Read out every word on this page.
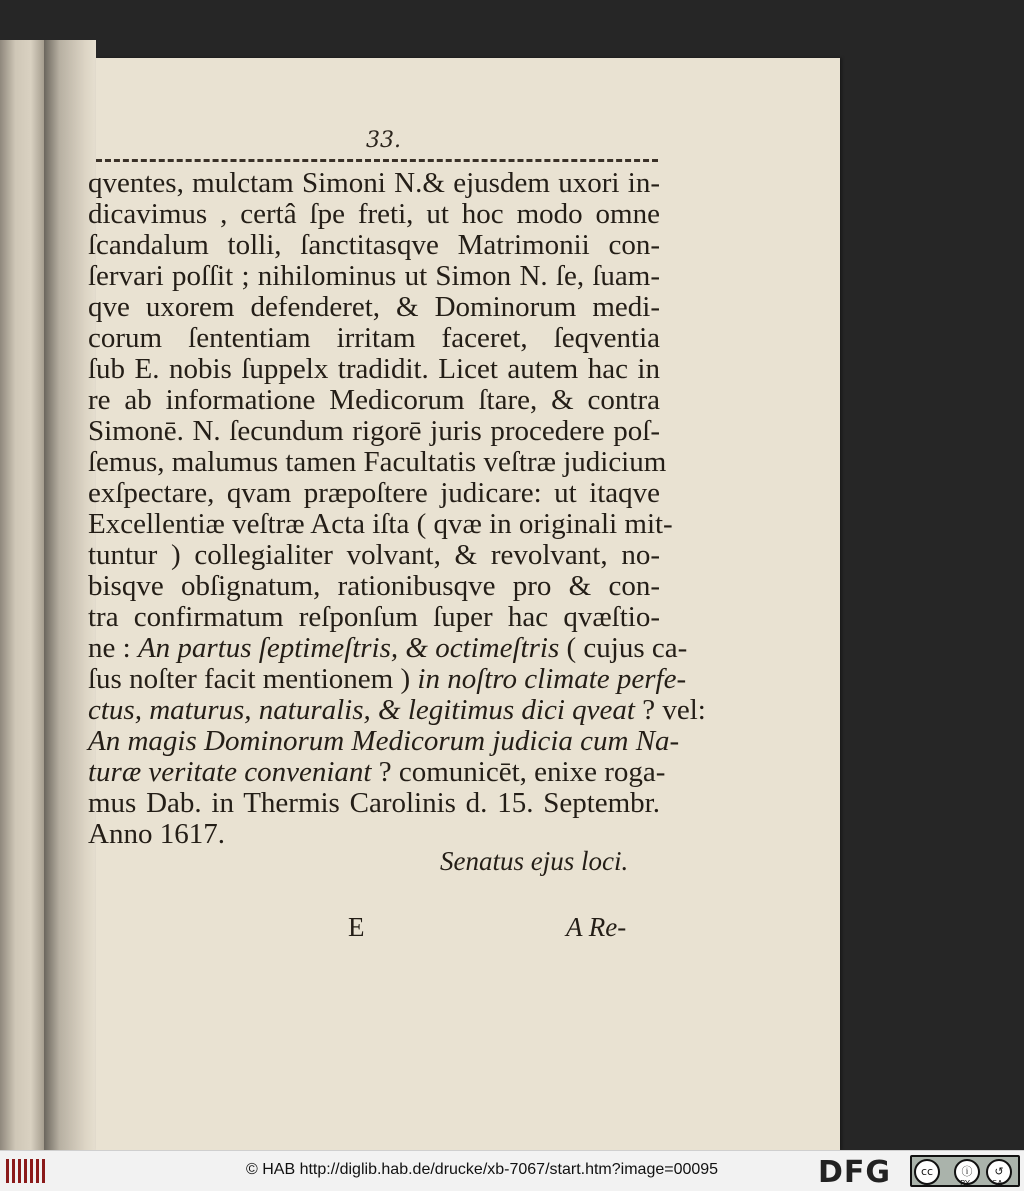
33.
qventes, mulctam Simoni N.& ejusdem uxori in-
dicavimus , certâ ſpe freti, ut hoc modo omne
ſcandalum tolli, ſanctitasqve Matrimonii con-
ſervari poſſit ; nihilominus ut Simon N. ſe, ſuam-
qve uxorem defenderet, & Dominorum medi-
corum ſententiam irritam faceret, ſeqventia
ſub E. nobis ſuppelx tradidit. Licet autem hac in
re ab informatione Medicorum ſtare, & contra
Simonē. N. ſecundum rigorē juris procedere poſ-
ſemus, malumus tamen Facultatis veſtræ judicium
exſpectare, qvam præpoſtere judicare: ut itaqve
Excellentiæ veſtræ Acta iſta ( qvæ in originali mit-
tuntur ) collegialiter volvant, & revolvant, no-
bisqve obſignatum, rationibusqve pro & con-
tra confirmatum reſponſum ſuper hac qvæſtio-
ne : An partus ſeptimeſtris, & octimeſtris ( cujus ca-
ſus noſter facit mentionem ) in noſtro climate perfe-
ctus, maturus, naturalis, & legitimus dici qveat ? vel:
An magis Dominorum Medicorum judicia cum Na-
turæ veritate conveniant ? comunicēt, enixe roga-
mus Dab. in Thermis Carolinis d. 15. Septembr.
Anno 1617.
Senatus ejus loci.
E	A Re-
© HAB http://diglib.hab.de/drucke/xb-7067/start.htm?image=00095	DFG	cc	ⓘ	↺
BY	SA
